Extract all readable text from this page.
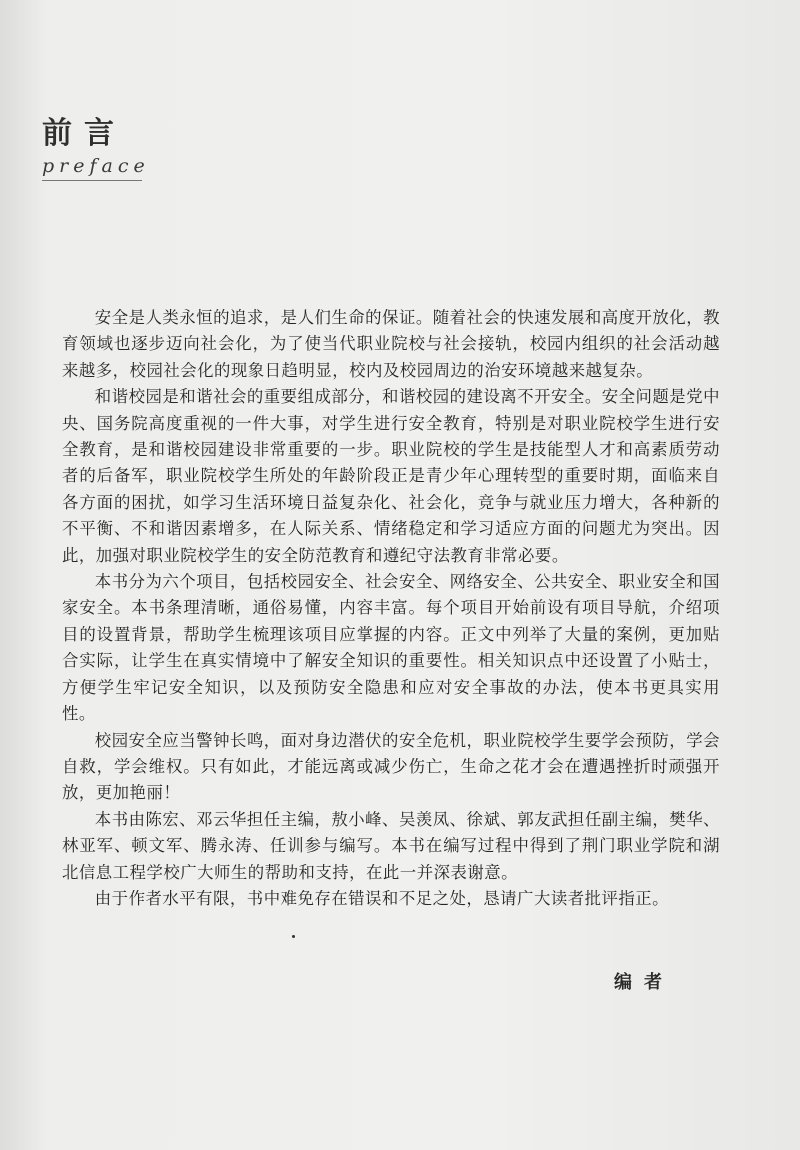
前言
preface

安全是人类永恒的追求，是人们生命的保证。随着社会的快速发展和高度开放化，教育领域也逐步迈向社会化，为了使当代职业院校与社会接轨，校园内组织的社会活动越来越多，校园社会化的现象日趋明显，校内及校园周边的治安环境越来越复杂。

和谐校园是和谐社会的重要组成部分，和谐校园的建设离不开安全。安全问题是党中央、国务院高度重视的一件大事，对学生进行安全教育，特别是对职业院校学生进行安全教育，是和谐校园建设非常重要的一步。职业院校的学生是技能型人才和高素质劳动者的后备军，职业院校学生所处的年龄阶段正是青少年心理转型的重要时期，面临来自各方面的困扰，如学习生活环境日益复杂化、社会化，竞争与就业压力增大，各种新的不平衡、不和谐因素增多，在人际关系、情绪稳定和学习适应方面的问题尤为突出。因此，加强对职业院校学生的安全防范教育和遵纪守法教育非常必要。

本书分为六个项目，包括校园安全、社会安全、网络安全、公共安全、职业安全和国家安全。本书条理清晰，通俗易懂，内容丰富。每个项目开始前设有项目导航，介绍项目的设置背景，帮助学生梳理该项目应掌握的内容。正文中列举了大量的案例，更加贴合实际，让学生在真实情境中了解安全知识的重要性。相关知识点中还设置了小贴士，方便学生牢记安全知识，以及预防安全隐患和应对安全事故的办法，使本书更具实用性。

校园安全应当警钟长鸣，面对身边潜伏的安全危机，职业院校学生要学会预防，学会自救，学会维权。只有如此，才能远离或减少伤亡，生命之花才会在遭遇挫折时顽强开放，更加艳丽！

本书由陈宏、邓云华担任主编，敖小峰、吴羡凤、徐斌、郭友武担任副主编，樊华、林亚军、顿文军、腾永涛、任训参与编写。本书在编写过程中得到了荆门职业学院和湖北信息工程学校广大师生的帮助和支持，在此一并深表谢意。

由于作者水平有限，书中难免存在错误和不足之处，恳请广大读者批评指正。

编者
